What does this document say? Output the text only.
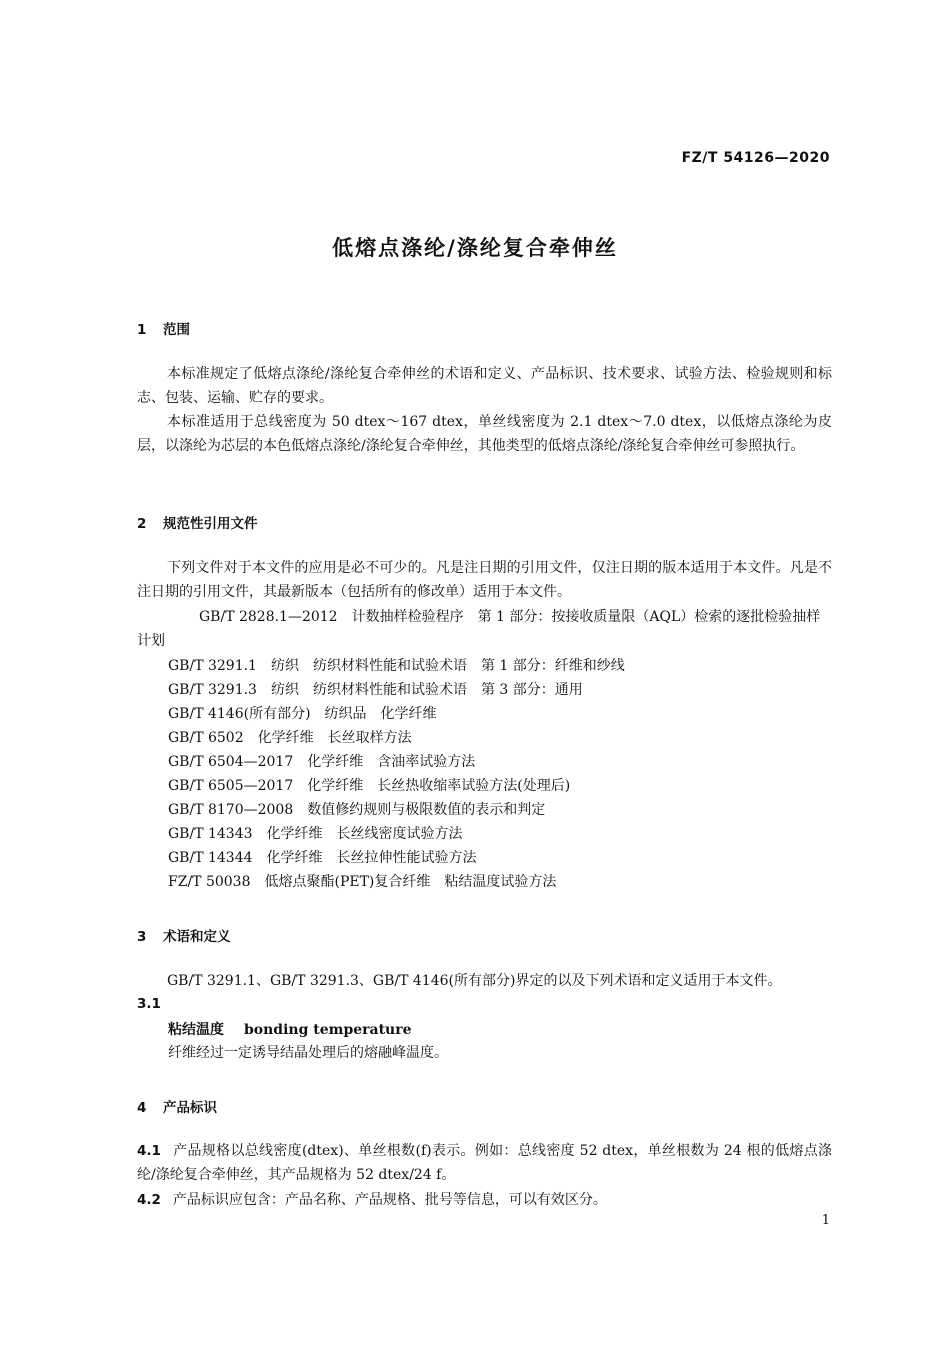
FZ/T 54126—2020
低熔点涤纶/涤纶复合牵伸丝
1 范围
本标准规定了低熔点涤纶/涤纶复合牵伸丝的术语和定义、产品标识、技术要求、试验方法、检验规则和标志、包装、运输、贮存的要求。
本标准适用于总线密度为 50 dtex～167 dtex，单丝线密度为 2.1 dtex～7.0 dtex，以低熔点涤纶为皮层，以涤纶为芯层的本色低熔点涤纶/涤纶复合牵伸丝，其他类型的低熔点涤纶/涤纶复合牵伸丝可参照执行。
2 规范性引用文件
下列文件对于本文件的应用是必不可少的。凡是注日期的引用文件，仅注日期的版本适用于本文件。凡是不注日期的引用文件，其最新版本（包括所有的修改单）适用于本文件。
GB/T 2828.1—2012 计数抽样检验程序　第 1 部分：按接收质量限（AQL）检索的逐批检验抽样计划
GB/T 3291.1 纺织　纺织材料性能和试验术语　第 1 部分：纤维和纱线
GB/T 3291.3 纺织　纺织材料性能和试验术语　第 3 部分：通用
GB/T 4146(所有部分) 纺织品　化学纤维
GB/T 6502 化学纤维　长丝取样方法
GB/T 6504—2017 化学纤维　含油率试验方法
GB/T 6505—2017 化学纤维　长丝热收缩率试验方法(处理后)
GB/T 8170—2008 数值修约规则与极限数值的表示和判定
GB/T 14343 化学纤维　长丝线密度试验方法
GB/T 14344 化学纤维　长丝拉伸性能试验方法
FZ/T 50038 低熔点聚酯(PET)复合纤维　粘结温度试验方法
3 术语和定义
GB/T 3291.1、GB/T 3291.3、GB/T 4146(所有部分)界定的以及下列术语和定义适用于本文件。
3.1
粘结温度 bonding temperature
纤维经过一定诱导结晶处理后的熔融峰温度。
4 产品标识
4.1 产品规格以总线密度(dtex)、单丝根数(f)表示。例如：总线密度 52 dtex，单丝根数为 24 根的低熔点涤纶/涤纶复合牵伸丝，其产品规格为 52 dtex/24 f。
4.2 产品标识应包含：产品名称、产品规格、批号等信息，可以有效区分。
1
